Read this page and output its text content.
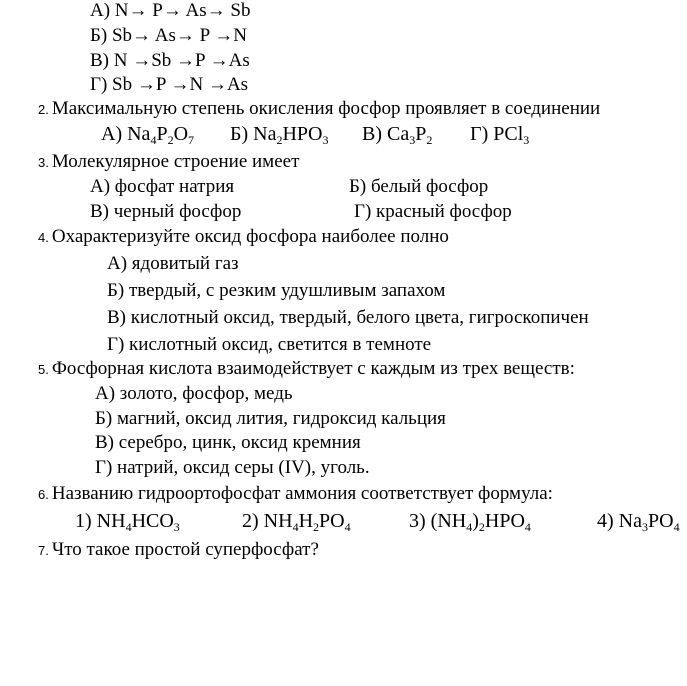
А) N→ P→ As→ Sb
Б) Sb→ As→ P →N
В) N →Sb →P →As
Г) Sb →P →N →As
2. Максимальную степень окисления фосфор проявляет в соединении
А) $Na_4P_2O_7$ Б) $Na_2HPO_3$ В) $Ca_3P_2$ Г) PCl$_3$
3. Молекулярное строение имеет
А) фосфат натрия	Б) белый фосфор
В) черный фосфор	Г) красный фосфор
4. Охарактеризуйте оксид фосфора наиболее полно
А) ядовитый газ
Б) твердый, с резким удушливым запахом
В) кислотный оксид, твердый, белого цвета, гигроскопичен
Г) кислотный оксид, светится в темноте
5. Фосфорная кислота взаимодействует с каждым из трех веществ:
А) золото, фосфор, медь
Б) магний, оксид лития, гидроксид кальция
В) серебро, цинк, оксид кремния
Г) натрий, оксид серы (IV), уголь.
6. Названию гидроортофосфат аммония соответствует формула:
1) $NH_4HCO_3$	2) $NH_4H_2PO_4$	3) $(NH_4)_2HPO_4$	4) $Na_3PO_4$
7. Что такое простой суперфосфат?
